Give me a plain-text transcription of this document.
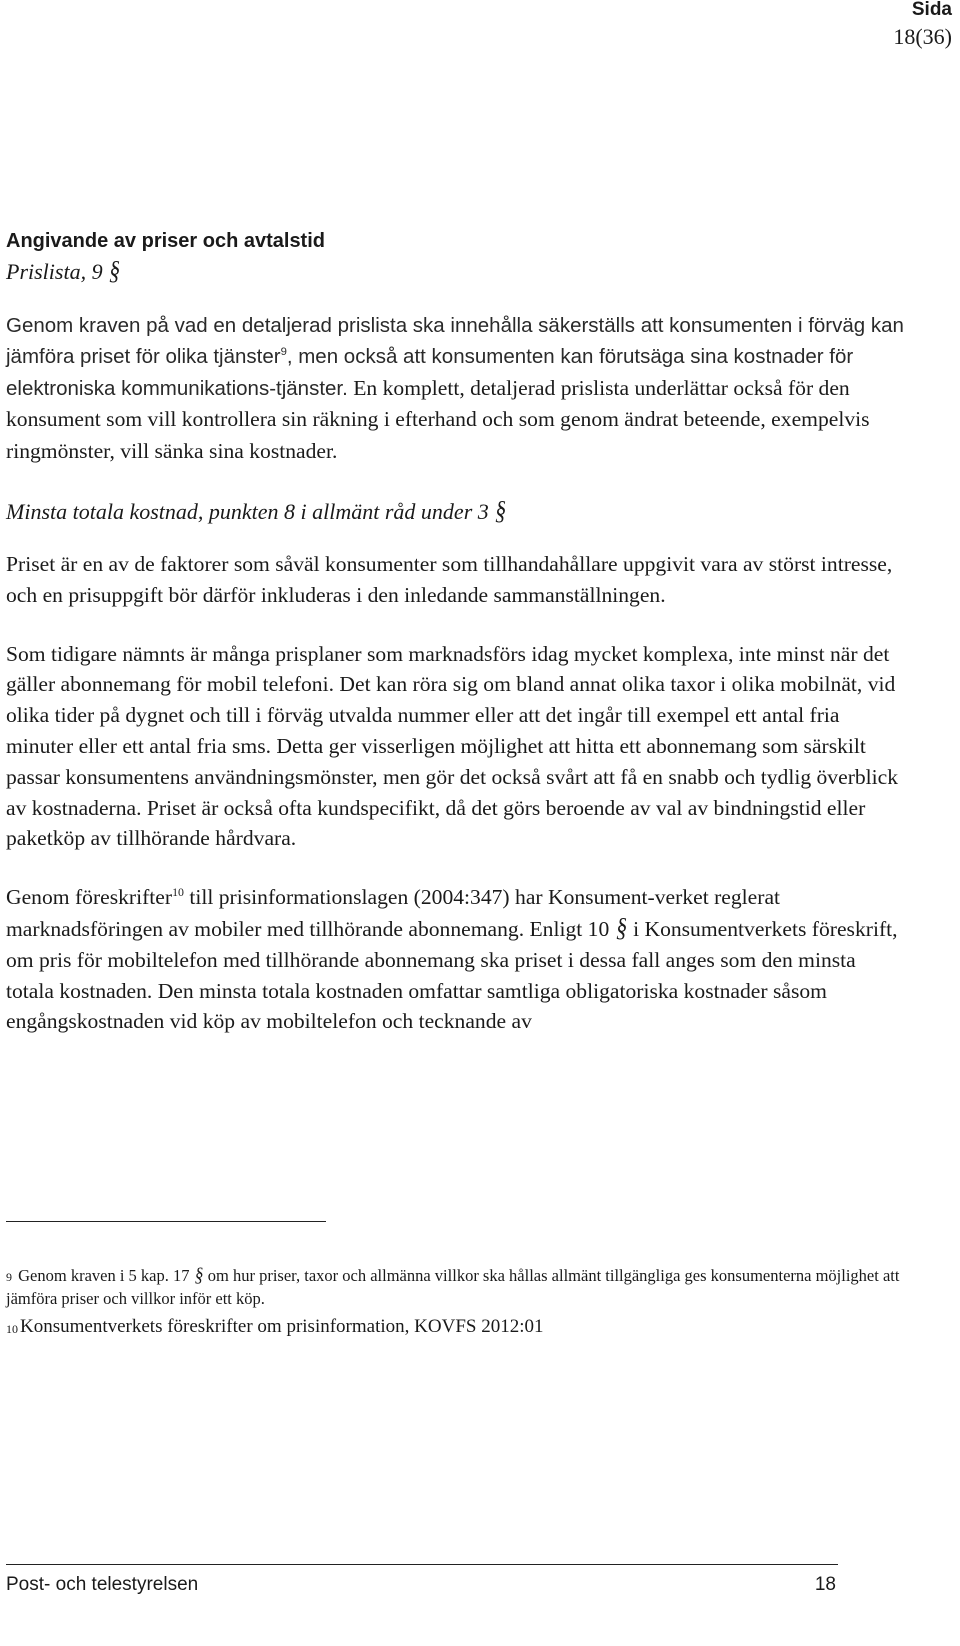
Sida
18(36)
Angivande av priser och avtalstid
Prislista, 9 §

Genom kraven på vad en detaljerad prislista ska innehålla säkerställs att konsumenten i förväg kan jämföra priset för olika tjänster$^9$, men också att konsumenten kan förutsäga sina kostnader för elektroniska kommunikations-tjänster. En komplett, detaljerad prislista underlättar också för den konsument som vill kontrollera sin räkning i efterhand och som genom ändrat beteende, exempelvis ringmönster, vill sänka sina kostnader.

Minsta totala kostnad, punkten 8 i allmänt råd under 3 §

Priset är en av de faktorer som såväl konsumenter som tillhandahållare uppgivit vara av störst intresse, och en prisuppgift bör därför inkluderas i den inledande sammanställningen.

Som tidigare nämnts är många prisplaner som marknadsförs idag mycket komplexa, inte minst när det gäller abonnemang för mobil telefoni. Det kan röra sig om bland annat olika taxor i olika mobilnät, vid olika tider på dygnet och till i förväg utvalda nummer eller att det ingår till exempel ett antal fria minuter eller ett antal fria sms. Detta ger visserligen möjlighet att hitta ett abonnemang som särskilt passar konsumentens användningsmönster, men gör det också svårt att få en snabb och tydlig överblick av kostnaderna. Priset är också ofta kundspecifikt, då det görs beroende av val av bindningstid eller paketköp av tillhörande hårdvara.

Genom föreskrifter$^{10}$ till prisinformationslagen (2004:347) har Konsument-verket reglerat marknadsföringen av mobiler med tillhörande abonnemang. Enligt 10 § i Konsumentverkets föreskrift, om pris för mobiltelefon med tillhörande abonnemang ska priset i dessa fall anges som den minsta totala kostnaden. Den minsta totala kostnaden omfattar samtliga obligatoriska kostnader såsom engångskostnaden vid köp av mobiltelefon och tecknande av

$^9$ Genom kraven i 5 kap. 17 § om hur priser, taxor och allmänna villkor ska hållas allmänt tillgängliga ges konsumenterna möjlighet att jämföra priser och villkor inför ett köp.

$^{10}$ Konsumentverkets föreskrifter om prisinformation, KOVFS 2012:01

Post- och telestyrelsen	18
